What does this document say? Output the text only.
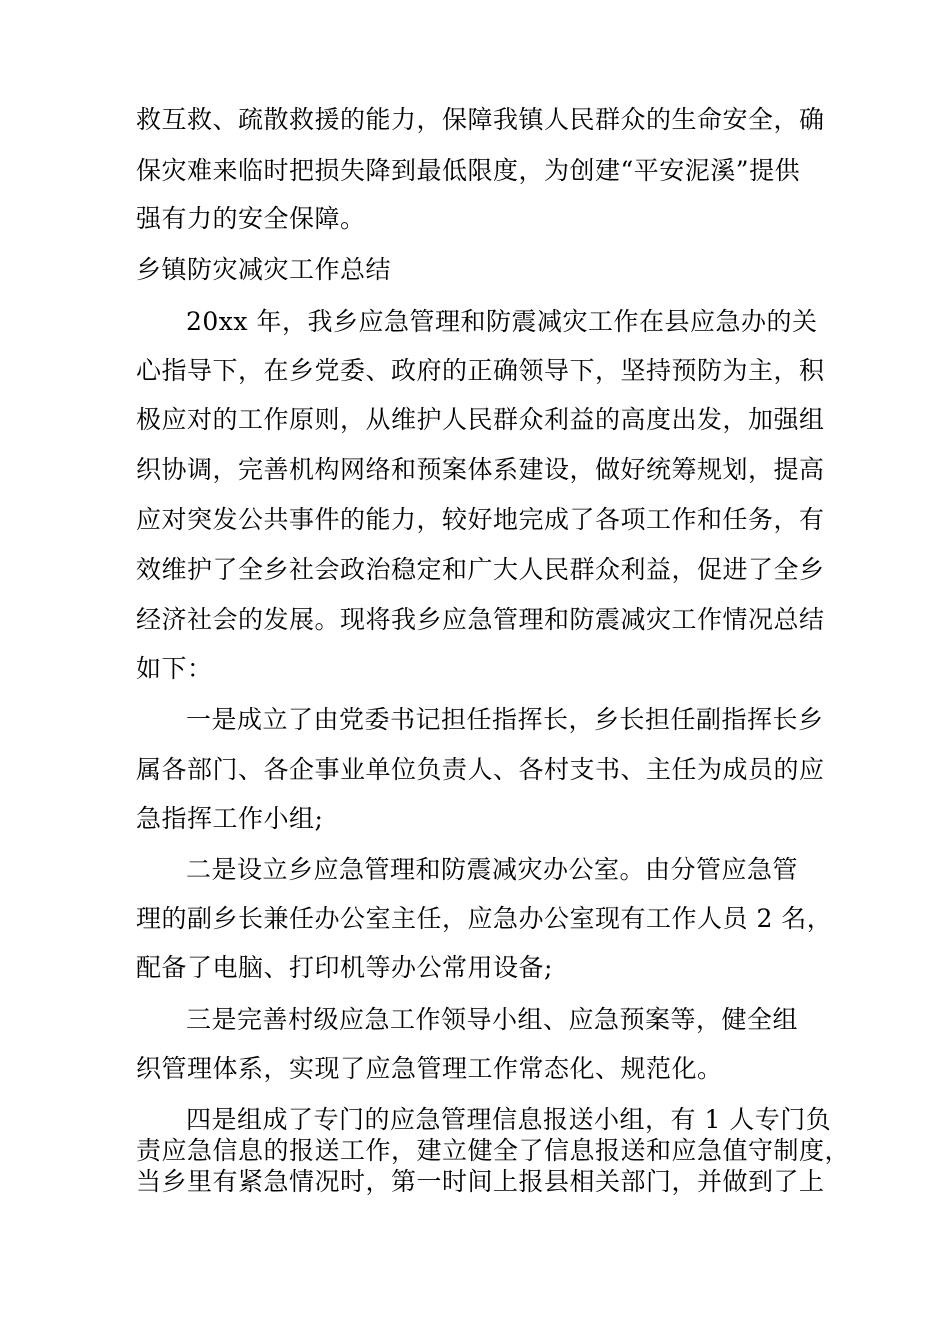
救互救、疏散救援的能力，保障我镇人民群众的生命安全，确
保灾难来临时把损失降到最低限度，为创建“平安泥溪”提供
强有力的安全保障。
乡镇防灾减灾工作总结
20xx 年，我乡应急管理和防震减灾工作在县应急办的关
心指导下，在乡党委、政府的正确领导下，坚持预防为主，积
极应对的工作原则，从维护人民群众利益的高度出发，加强组
织协调，完善机构网络和预案体系建设，做好统筹规划，提高
应对突发公共事件的能力，较好地完成了各项工作和任务，有
效维护了全乡社会政治稳定和广大人民群众利益，促进了全乡
经济社会的发展。现将我乡应急管理和防震减灾工作情况总结
如下：
一是成立了由党委书记担任指挥长，乡长担任副指挥长乡
属各部门、各企事业单位负责人、各村支书、主任为成员的应
急指挥工作小组;
二是设立乡应急管理和防震减灾办公室。由分管应急管
理的副乡长兼任办公室主任，应急办公室现有工作人员 2 名，
配备了电脑、打印机等办公常用设备;
三是完善村级应急工作领导小组、应急预案等，健全组
织管理体系，实现了应急管理工作常态化、规范化。
四是组成了专门的应急管理信息报送小组，有 1 人专门负
责应急信息的报送工作，建立健全了信息报送和应急值守制度，
当乡里有紧急情况时，第一时间上报县相关部门，并做到了上
